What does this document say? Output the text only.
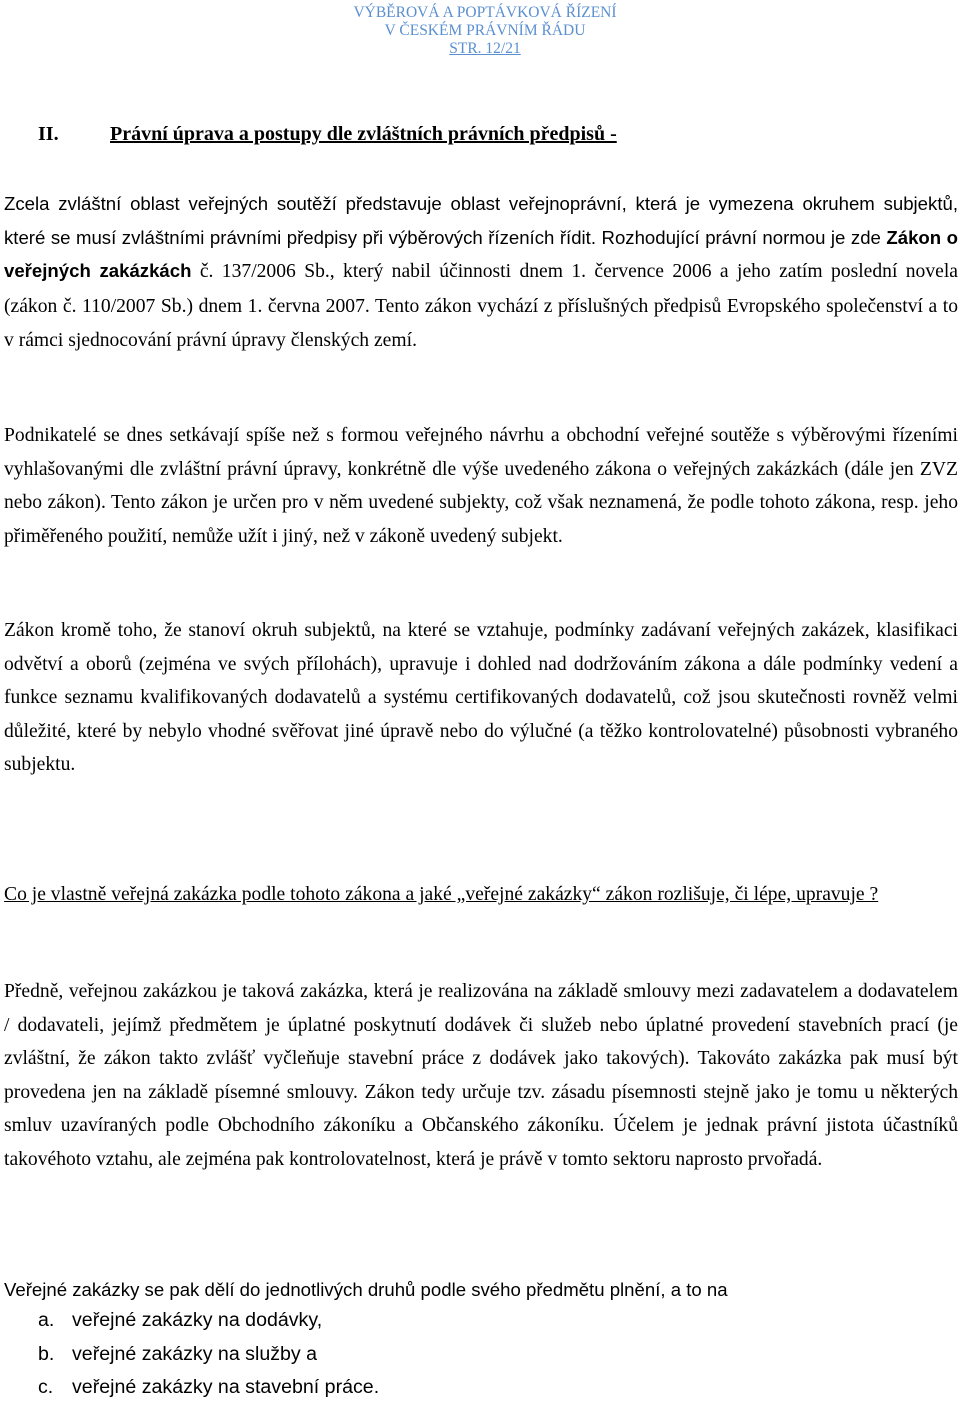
VÝBĚROVÁ A POPTÁVKOVÁ ŘÍZENÍ
V ČESKÉM PRÁVNÍM ŘÁDU
STR. 12/21
II.	Právní úprava a postupy dle zvláštních právních předpisů -

Zcela zvláštní oblast veřejných soutěží představuje oblast veřejnoprávní, která je vymezena okruhem subjektů, které se musí zvláštními právními předpisy při výběrových řízeních řídit. Rozhodující právní normou je zde Zákon o veřejných zakázkách č. 137/2006 Sb., který nabil účinnosti dnem 1. července 2006 a jeho zatím poslední novela (zákon č. 110/2007 Sb.) dnem 1. června 2007. Tento zákon vychází z příslušných předpisů Evropského společenství a to v rámci sjednocování právní úpravy členských zemí.

Podnikatelé se dnes setkávají spíše než s formou veřejného návrhu a obchodní veřejné soutěže s výběrovými řízeními vyhlašovanými dle zvláštní právní úpravy, konkrétně dle výše uvedeného zákona o veřejných zakázkách (dále jen ZVZ nebo zákon). Tento zákon je určen pro v něm uvedené subjekty, což však neznamená, že podle tohoto zákona, resp. jeho přiměřeného použití, nemůže užít i jiný, než v zákoně uvedený subjekt.

Zákon kromě toho, že stanoví okruh subjektů, na které se vztahuje, podmínky zadávaní veřejných zakázek, klasifikaci odvětví a oborů (zejména ve svých přílohách), upravuje i dohled nad dodržováním zákona a dále podmínky vedení a funkce seznamu kvalifikovaných dodavatelů a systému certifikovaných dodavatelů, což jsou skutečnosti rovněž velmi důležité, které by nebylo vhodné svěřovat jiné úpravě nebo do výlučné (a těžko kontrolovatelné) působnosti vybraného subjektu.

Co je vlastně veřejná zakázka podle tohoto zákona a jaké „veřejné zakázky“ zákon rozlišuje, či lépe, upravuje ?

Předně, veřejnou zakázkou je taková zakázka, která je realizována na základě smlouvy mezi zadavatelem a dodavatelem / dodavateli, jejímž předmětem je úplatné poskytnutí dodávek či služeb nebo úplatné provedení stavebních prací (je zvláštní, že zákon takto zvlášť vyčleňuje stavební práce z dodávek jako takových). Takováto zakázka pak musí být provedena jen na základě písemné smlouvy. Zákon tedy určuje tzv. zásadu písemnosti stejně jako je tomu u některých smluv uzavíraných podle Obchodního zákoníku a Občanského zákoníku. Účelem je jednak právní jistota účastníků takovéhoto vztahu, ale zejména pak kontrolovatelnost, která je právě v tomto sektoru naprosto prvořadá.

Veřejné zakázky se pak dělí do jednotlivých druhů podle svého předmětu plnění, a to na

a. veřejné zakázky na dodávky,
b. veřejné zakázky na služby a
c. veřejné zakázky na stavební práce.
